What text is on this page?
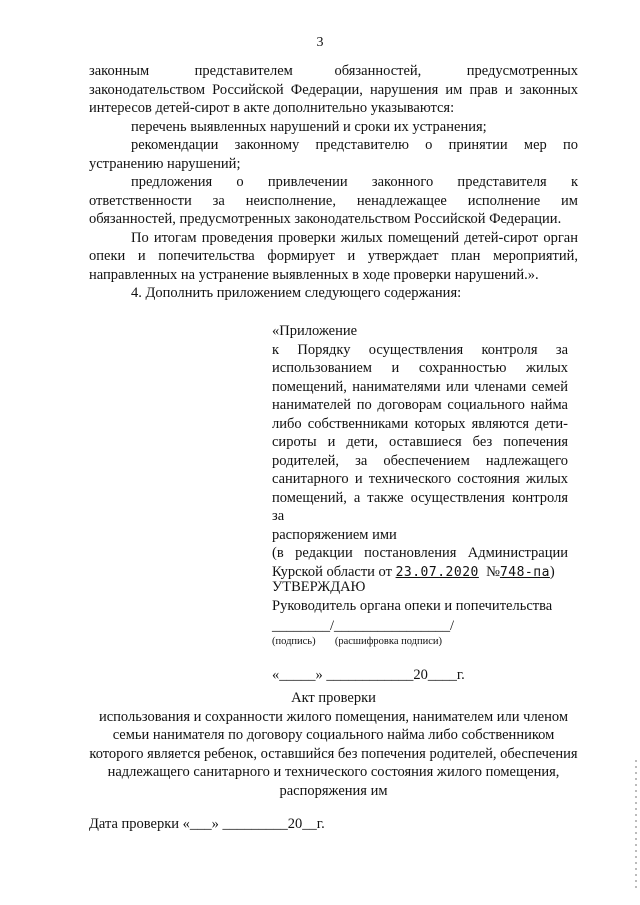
3

законным            представителем           обязанностей,            предусмотренных

законодательством Российской Федерации, нарушения им прав и законных интересов детей-сирот в акте дополнительно указываются:

перечень выявленных нарушений и сроки их устранения;

рекомендации законному представителю о принятии мер по устранению нарушений;

предложения о привлечении законного представителя к ответственности за неисполнение, ненадлежащее исполнение им обязанностей, предусмотренных законодательством Российской Федерации.

По итогам проведения проверки жилых помещений детей-сирот орган опеки и попечительства формирует и утверждает план мероприятий, направленных на устранение выявленных в ходе проверки нарушений.».

4. Дополнить приложением следующего содержания:

«Приложение

к Порядку осуществления контроля за использованием и сохранностью жилых помещений, нанимателями или членами семей нанимателей по договорам социального найма либо собственниками которых являются дети-сироты и дети, оставшиеся без попечения родителей, за обеспечением надлежащего санитарного и технического состояния жилых помещений, а также осуществления контроля за

распоряжением ими

(в редакции постановления Администрации Курской области от 23.07.2020 №748-па)

УТВЕРЖДАЮ
Руководитель органа опеки и попечительства
________/________________/
(подпись) (расшифровка подписи)
«_____» ____________20____г.
Акт проверки
использования и сохранности жилого помещения, нанимателем или членом семьи нанимателя по договору социального найма либо собственником которого является ребенок, оставшийся без попечения родителей, обеспечения надлежащего санитарного и технического состояния жилого помещения, распоряжения им
Дата проверки «___» _________20__г.
